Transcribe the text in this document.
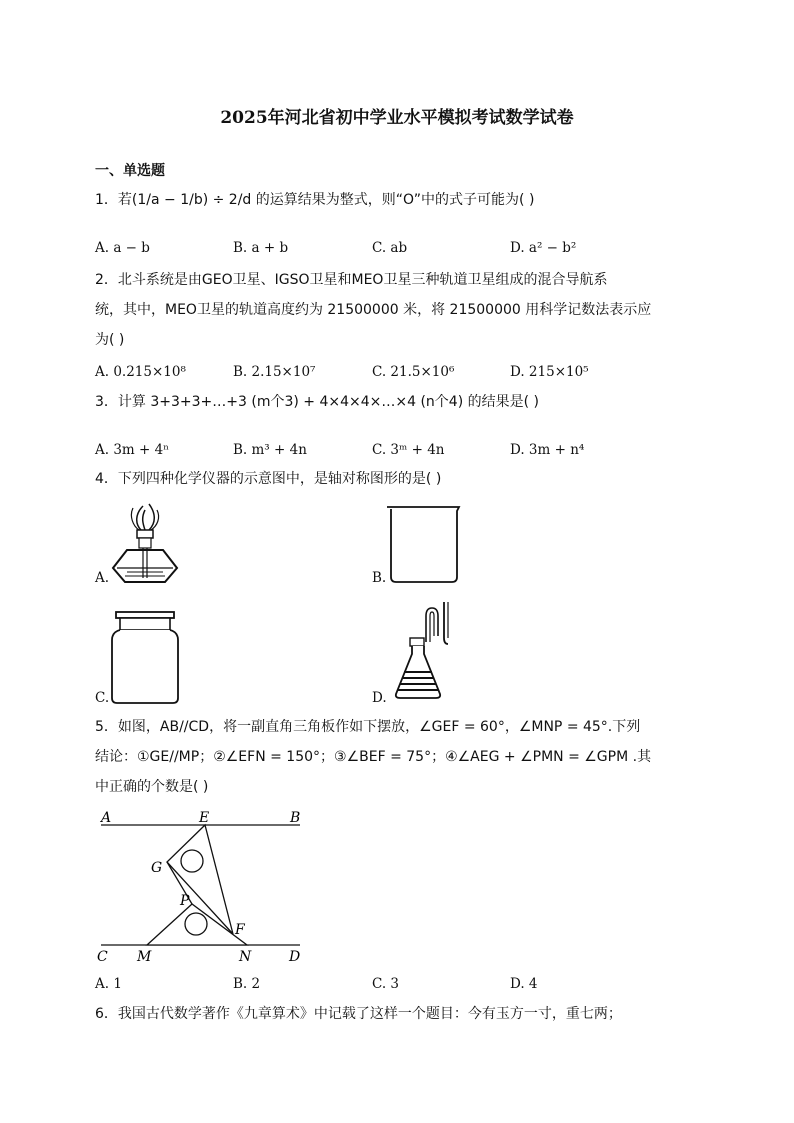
2025年河北省初中学业水平模拟考试数学试卷
一、单选题
1．若(1/a − 1/b) ÷ 2/d 的运算结果为整式，则“O”中的式子可能为( )
A. a − b	B. a + b	C. ab	D. a² − b²
2．北斗系统是由GEO卫星、IGSO卫星和MEO卫星三种轨道卫星组成的混合导航系
统，其中，MEO卫星的轨道高度约为 21500000 米，将 21500000 用科学记数法表示应
为( )
A. 0.215×10⁸	B. 2.15×10⁷	C. 21.5×10⁶	D. 215×10⁵
3．计算 3+3+3+…+3 (m个3) + 4×4×4×…×4 (n个4) 的结果是( )
A. 3m + 4ⁿ	B. m³ + 4n	C. 3ᵐ + 4n	D. 3m + n⁴
4．下列四种化学仪器的示意图中，是轴对称图形的是( )
A.	B.
C.	D.
5．如图，AB//CD，将一副直角三角板作如下摆放，∠GEF = 60°，∠MNP = 45°.下列
结论：①GE//MP；②∠EFN = 150°；③∠BEF = 75°；④∠AEG + ∠PMN = ∠GPM .其
中正确的个数是( )
A	E	B
G
P
F
C M	N	D
A. 1	B. 2	C. 3	D. 4
6．我国古代数学著作《九章算术》中记载了这样一个题目：今有玉方一寸，重七两；
